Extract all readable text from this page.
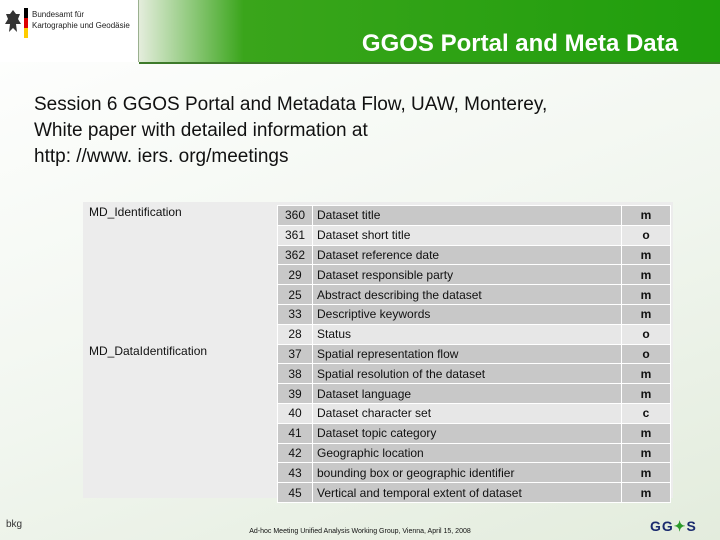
Bundesamt für
Kartographie und Geodäsie
GGOS Portal and Meta Data
Session 6 GGOS Portal and Metadata Flow, UAW, Monterey,
White paper with detailed information at
http: //www. iers. org/meetings
MD_Identification
MD_DataIdentification
360	Dataset title	m
361	Dataset short title	o
362	Dataset reference date	m
29	Dataset responsible party	m
25	Abstract describing the dataset	m
33	Descriptive keywords	m
28	Status	o
37	Spatial representation flow	o
38	Spatial resolution of the dataset	m
39	Dataset language	m
40	Dataset character set	c
41	Dataset topic category	m
42	Geographic location	m
43	bounding box or geographic identifier	m
45	Vertical and temporal extent of dataset	m
bkg
Ad-hoc Meeting Unified Analysis Working Group, Vienna, April 15, 2008	GG✦S
